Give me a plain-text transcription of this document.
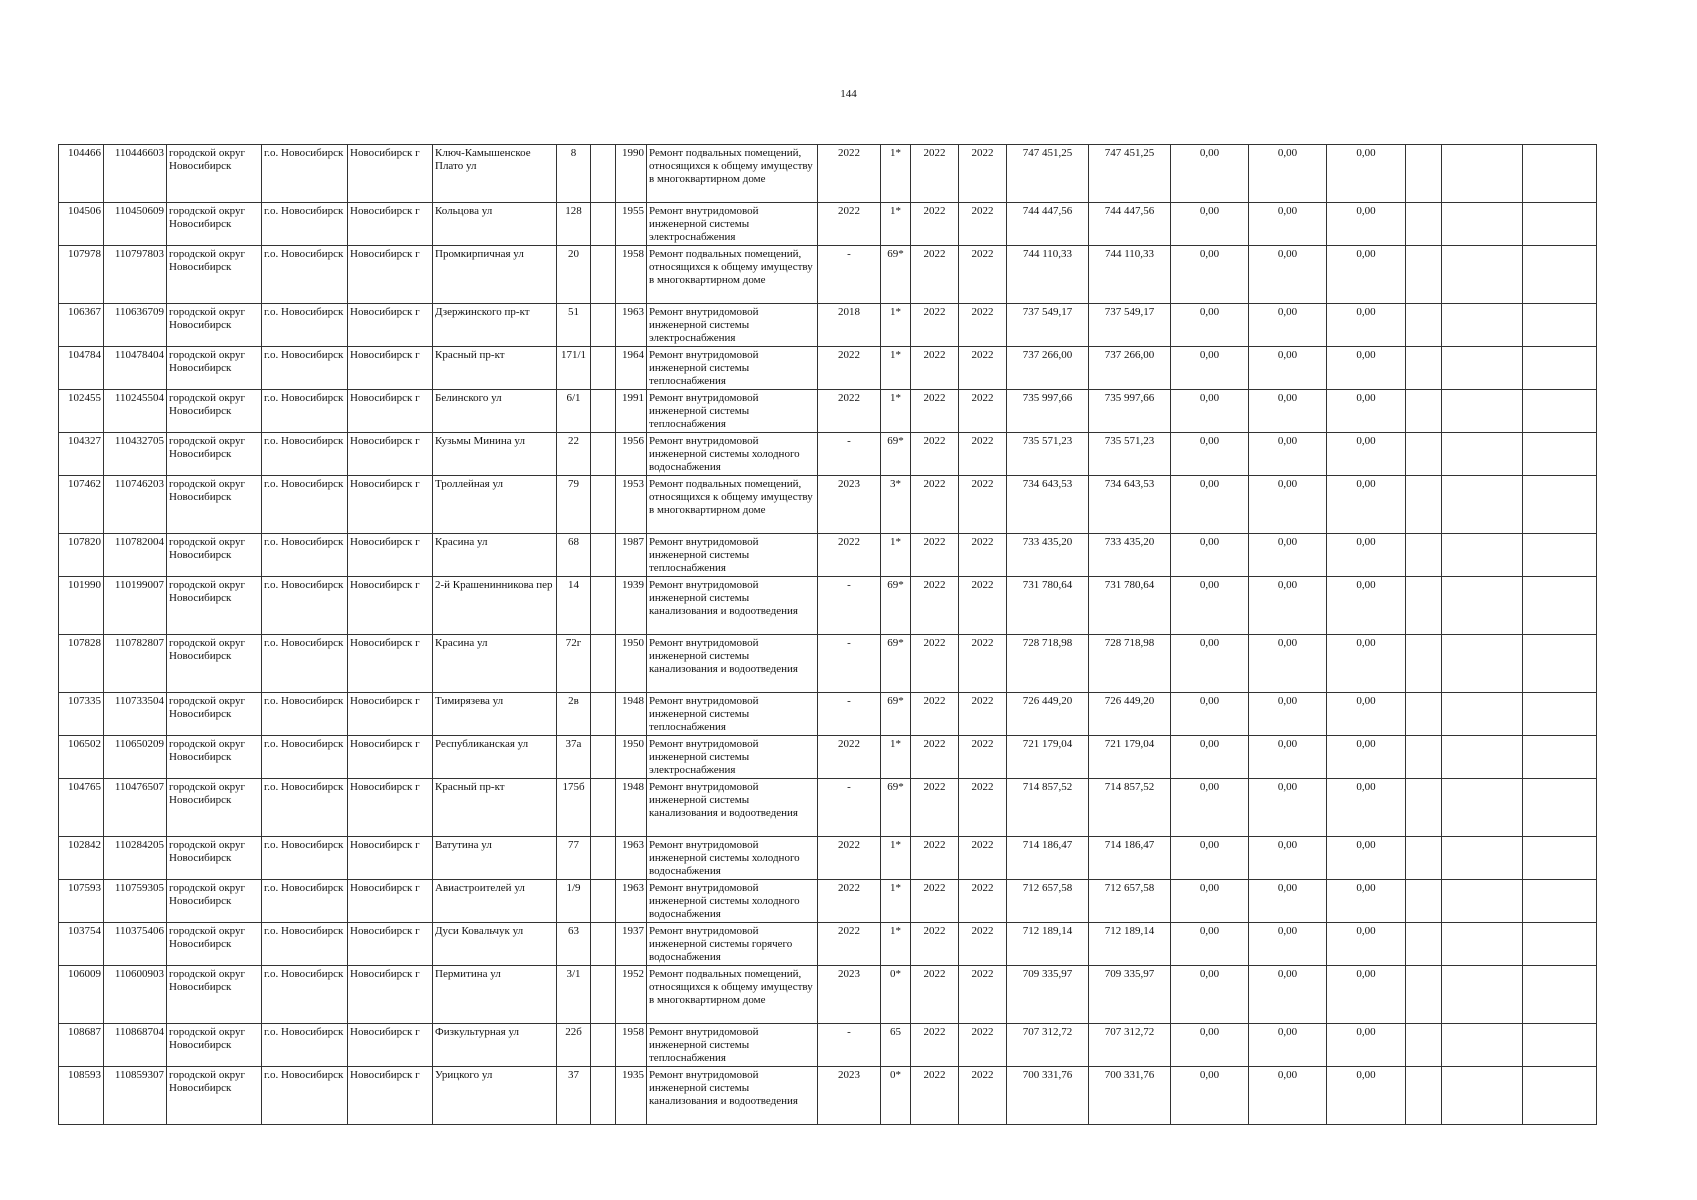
144
104466	110446603	городской округ Новосибирск	г.о. Новосибирск	Новосибирск г	Ключ-Камышенское Плато ул	8		1990	Ремонт подвальных помещений, относящихся к общему имуществу в многоквартирном доме	2022	1*	2022	2022	747 451,25	747 451,25	0,00	0,00	0,00			
104506	110450609	городской округ Новосибирск	г.о. Новосибирск	Новосибирск г	Кольцова ул	128		1955	Ремонт внутридомовой инженерной системы электроснабжения	2022	1*	2022	2022	744 447,56	744 447,56	0,00	0,00	0,00			
107978	110797803	городской округ Новосибирск	г.о. Новосибирск	Новосибирск г	Промкирпичная ул	20		1958	Ремонт подвальных помещений, относящихся к общему имуществу в многоквартирном доме	-	69*	2022	2022	744 110,33	744 110,33	0,00	0,00	0,00			
106367	110636709	городской округ Новосибирск	г.о. Новосибирск	Новосибирск г	Дзержинского пр-кт	51		1963	Ремонт внутридомовой инженерной системы электроснабжения	2018	1*	2022	2022	737 549,17	737 549,17	0,00	0,00	0,00			
104784	110478404	городской округ Новосибирск	г.о. Новосибирск	Новосибирск г	Красный пр-кт	171/1		1964	Ремонт внутридомовой инженерной системы теплоснабжения	2022	1*	2022	2022	737 266,00	737 266,00	0,00	0,00	0,00			
102455	110245504	городской округ Новосибирск	г.о. Новосибирск	Новосибирск г	Белинского ул	6/1		1991	Ремонт внутридомовой инженерной системы теплоснабжения	2022	1*	2022	2022	735 997,66	735 997,66	0,00	0,00	0,00			
104327	110432705	городской округ Новосибирск	г.о. Новосибирск	Новосибирск г	Кузьмы Минина ул	22		1956	Ремонт внутридомовой инженерной системы холодного водоснабжения	-	69*	2022	2022	735 571,23	735 571,23	0,00	0,00	0,00			
107462	110746203	городской округ Новосибирск	г.о. Новосибирск	Новосибирск г	Троллейная ул	79		1953	Ремонт подвальных помещений, относящихся к общему имуществу в многоквартирном доме	2023	3*	2022	2022	734 643,53	734 643,53	0,00	0,00	0,00			
107820	110782004	городской округ Новосибирск	г.о. Новосибирск	Новосибирск г	Красина ул	68		1987	Ремонт внутридомовой инженерной системы теплоснабжения	2022	1*	2022	2022	733 435,20	733 435,20	0,00	0,00	0,00			
101990	110199007	городской округ Новосибирск	г.о. Новосибирск	Новосибирск г	2-й Крашенинникова пер	14		1939	Ремонт внутридомовой инженерной системы канализования и водоотведения	-	69*	2022	2022	731 780,64	731 780,64	0,00	0,00	0,00			
107828	110782807	городской округ Новосибирск	г.о. Новосибирск	Новосибирск г	Красина ул	72г		1950	Ремонт внутридомовой инженерной системы канализования и водоотведения	-	69*	2022	2022	728 718,98	728 718,98	0,00	0,00	0,00			
107335	110733504	городской округ Новосибирск	г.о. Новосибирск	Новосибирск г	Тимирязева ул	2в		1948	Ремонт внутридомовой инженерной системы теплоснабжения	-	69*	2022	2022	726 449,20	726 449,20	0,00	0,00	0,00			
106502	110650209	городской округ Новосибирск	г.о. Новосибирск	Новосибирск г	Республиканская ул	37а		1950	Ремонт внутридомовой инженерной системы электроснабжения	2022	1*	2022	2022	721 179,04	721 179,04	0,00	0,00	0,00			
104765	110476507	городской округ Новосибирск	г.о. Новосибирск	Новосибирск г	Красный пр-кт	175б		1948	Ремонт внутридомовой инженерной системы канализования и водоотведения	-	69*	2022	2022	714 857,52	714 857,52	0,00	0,00	0,00			
102842	110284205	городской округ Новосибирск	г.о. Новосибирск	Новосибирск г	Ватутина ул	77		1963	Ремонт внутридомовой инженерной системы холодного водоснабжения	2022	1*	2022	2022	714 186,47	714 186,47	0,00	0,00	0,00			
107593	110759305	городской округ Новосибирск	г.о. Новосибирск	Новосибирск г	Авиастроителей ул	1/9		1963	Ремонт внутридомовой инженерной системы холодного водоснабжения	2022	1*	2022	2022	712 657,58	712 657,58	0,00	0,00	0,00			
103754	110375406	городской округ Новосибирск	г.о. Новосибирск	Новосибирск г	Дуси Ковальчук ул	63		1937	Ремонт внутридомовой инженерной системы горячего водоснабжения	2022	1*	2022	2022	712 189,14	712 189,14	0,00	0,00	0,00			
106009	110600903	городской округ Новосибирск	г.о. Новосибирск	Новосибирск г	Пермитина ул	3/1		1952	Ремонт подвальных помещений, относящихся к общему имуществу в многоквартирном доме	2023	0*	2022	2022	709 335,97	709 335,97	0,00	0,00	0,00			
108687	110868704	городской округ Новосибирск	г.о. Новосибирск	Новосибирск г	Физкультурная ул	22б		1958	Ремонт внутридомовой инженерной системы теплоснабжения	-	65	2022	2022	707 312,72	707 312,72	0,00	0,00	0,00			
108593	110859307	городской округ Новосибирск	г.о. Новосибирск	Новосибирск г	Урицкого ул	37		1935	Ремонт внутридомовой инженерной системы канализования и водоотведения	2023	0*	2022	2022	700 331,76	700 331,76	0,00	0,00	0,00			
